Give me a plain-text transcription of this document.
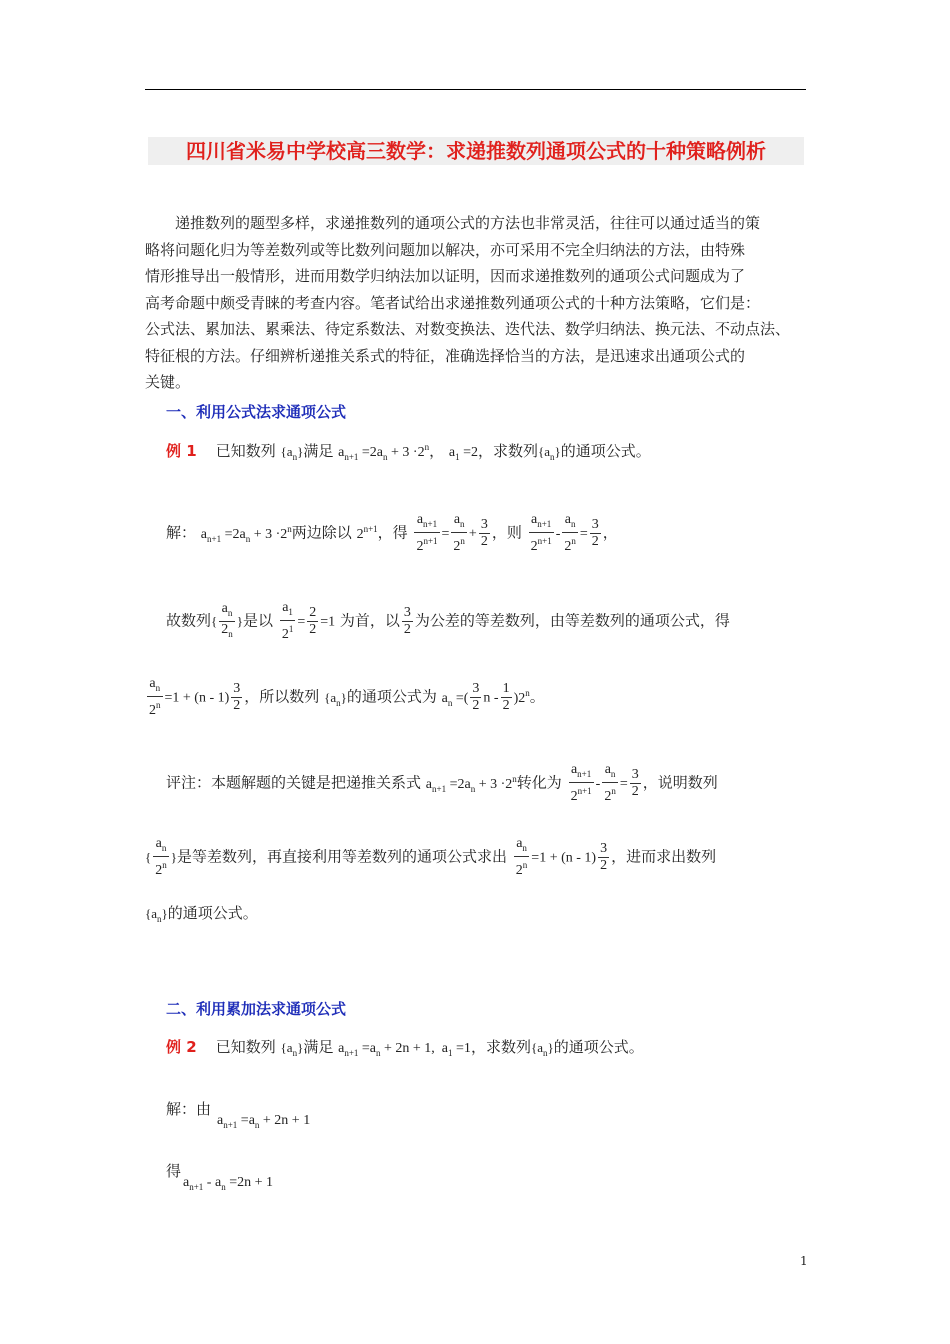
四川省米易中学校高三数学：求递推数列通项公式的十种策略例析

递推数列的题型多样，求递推数列的通项公式的方法也非常灵活，往往可以通过适当的策

略将问题化归为等差数列或等比数列问题加以解决，亦可采用不完全归纳法的方法，由特殊

情形推导出一般情形，进而用数学归纳法加以证明，因而求递推数列的通项公式问题成为了

高考命题中颇受青睐的考查内容。笔者试给出求递推数列通项公式的十种方法策略，它们是：

公式法、累加法、累乘法、待定系数法、对数变换法、迭代法、数学归纳法、换元法、不动点法、

特征根的方法。仔细辨析递推关系式的特征，准确选择恰当的方法，是迅速求出通项公式的

关键。

一、利用公式法求通项公式
例 1 已知数列 $\{a_n\}$满足 $a_{n+1} =2a_n + 3 \cdot 2^n$， $a_1 =2$，求数列$\{a_n\}$的通项公式。
解： $a_{n+1} =2a_n + 3 \cdot 2^n$两边除以 $2^{n+1}$，得 $\frac{a_{n+1}}{2^{n+1}} = \frac{a_n}{2^n} + \frac{3}{2}$ ，则 $\frac{a_{n+1}}{2^{n+1}} - \frac{a_n}{2^n} = \frac{3}{2}$ ，
故数列{ $\frac{a_n}{2_n}$ }是以 $\frac{a_1}{2^1} = \frac{2}{2} =1$ 为首，以 $\frac{3}{2}$ 为公差的等差数列，由等差数列的通项公式，得
$\frac{a_n}{2^n} =1 + (n - 1) \frac{3}{2}$ ，所以数列 $\{a_n\}$的通项公式为 $a_n$ =( $\frac{3}{2}$ n - $\frac{1}{2} )2^n$。
评注：本题解题的关键是把递推关系式 $a_{n+1} =2a_n + 3 \cdot 2^n$转化为 $\frac{a_{n+1}}{2^{n+1}} - \frac{a_n}{2^n} = \frac{3}{2}$ ，说明数列
{ $\frac{a_n}{2^n}$ }是等差数列，再直接利用等差数列的通项公式求出 $\frac{a_n}{2^n} =1 + (n - 1) \frac{3}{2}$ ，进而求出数列
$\{a_n\}$的通项公式。
二、利用累加法求通项公式
例 2 已知数列 $\{a_n\}$满足 $a_{n+1} =a_n + 2n + 1$,  $a_1 =1$，求数列$\{a_n\}$的通项公式。
解：由
$a_{n+1} =a_n + 2n + 1$
得
$a_{n+1} - a_n =2n + 1$
1
